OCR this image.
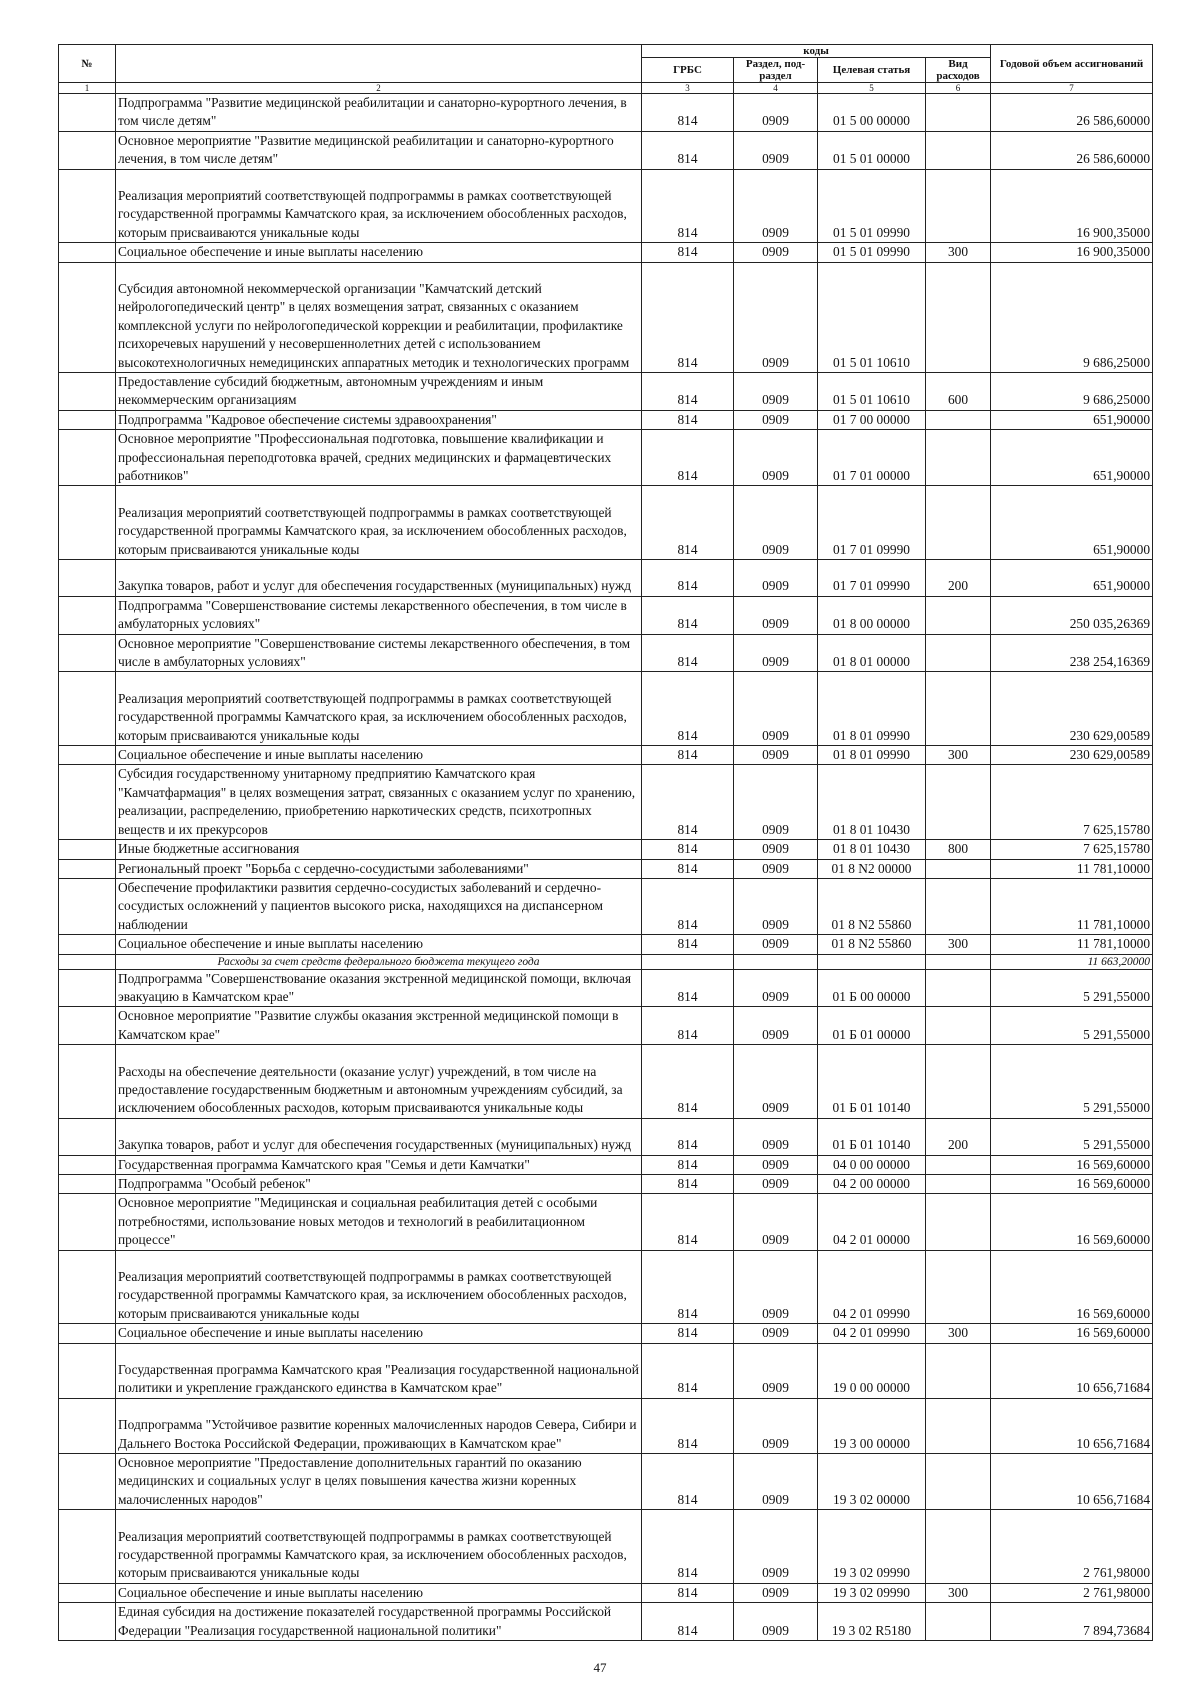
№		коды				Годовой объем ассигнований
		ГРБС	Раздел, под-раздел	Целевая статья	Вид расходов	
1	2	3	4	5	6	7
	Подпрограмма "Развитие медицинской реабилитации и санаторно-курортного лечения, в том числе детям"	814	0909	01 5 00 00000		26 586,60000
	Основное мероприятие "Развитие медицинской реабилитации и санаторно-курортного лечения, в том числе детям"	814	0909	01 5 01 00000		26 586,60000
	Реализация мероприятий соответствующей подпрограммы в рамках соответствующей государственной программы Камчатского края, за исключением обособленных расходов, которым присваиваются уникальные коды	814	0909	01 5 01 09990		16 900,35000
	Социальное обеспечение и иные выплаты населению	814	0909	01 5 01 09990	300	16 900,35000
	Субсидия автономной некоммерческой организации "Камчатский детский нейрологопедический центр" в целях возмещения затрат, связанных с оказанием комплексной услуги по нейрологопедической коррекции и реабилитации, профилактике психоречевых нарушений у несовершеннолетних детей с использованием высокотехнологичных немедицинских аппаратных методик и технологических программ	814	0909	01 5 01 10610		9 686,25000
	Предоставление субсидий бюджетным, автономным учреждениям и иным некоммерческим организациям	814	0909	01 5 01 10610	600	9 686,25000
	Подпрограмма "Кадровое обеспечение системы здравоохранения"	814	0909	01 7 00 00000		651,90000
	Основное мероприятие "Профессиональная подготовка, повышение квалификации и профессиональная переподготовка врачей, средних медицинских и фармацевтических работников"	814	0909	01 7 01 00000		651,90000
	Реализация мероприятий соответствующей подпрограммы в рамках соответствующей государственной программы Камчатского края, за исключением обособленных расходов, которым присваиваются уникальные коды	814	0909	01 7 01 09990		651,90000
	Закупка товаров, работ и услуг для обеспечения государственных (муниципальных) нужд	814	0909	01 7 01 09990	200	651,90000
	Подпрограмма "Совершенствование системы лекарственного обеспечения, в том числе в амбулаторных условиях"	814	0909	01 8 00 00000		250 035,26369
	Основное мероприятие "Совершенствование системы лекарственного обеспечения, в том числе в амбулаторных условиях"	814	0909	01 8 01 00000		238 254,16369
	Реализация мероприятий соответствующей подпрограммы в рамках соответствующей государственной программы Камчатского края, за исключением обособленных расходов, которым присваиваются уникальные коды	814	0909	01 8 01 09990		230 629,00589
	Социальное обеспечение и иные выплаты населению	814	0909	01 8 01 09990	300	230 629,00589
	Субсидия государственному унитарному предприятию Камчатского края "Камчатфармация" в целях возмещения затрат, связанных с оказанием услуг по хранению, реализации, распределению, приобретению наркотических средств, психотропных веществ и их прекурсоров	814	0909	01 8 01 10430		7 625,15780
	Иные бюджетные ассигнования	814	0909	01 8 01 10430	800	7 625,15780
	Региональный проект "Борьба с сердечно-сосудистыми заболеваниями"	814	0909	01 8 N2 00000		11 781,10000
	Обеспечение профилактики развития сердечно-сосудистых заболеваний и сердечно-сосудистых осложнений у пациентов высокого риска, находящихся на диспансерном наблюдении	814	0909	01 8 N2 55860		11 781,10000
	Социальное обеспечение и иные выплаты населению	814	0909	01 8 N2 55860	300	11 781,10000
	Расходы за счет средств федерального бюджета текущего года					11 663,20000
	Подпрограмма "Совершенствование оказания экстренной медицинской помощи, включая эвакуацию в Камчатском крае"	814	0909	01 Б 00 00000		5 291,55000
	Основное мероприятие "Развитие службы оказания экстренной медицинской помощи в Камчатском крае"	814	0909	01 Б 01 00000		5 291,55000
	Расходы на обеспечение деятельности (оказание услуг) учреждений, в том числе на предоставление государственным бюджетным и автономным учреждениям субсидий, за исключением обособленных расходов, которым присваиваются уникальные коды	814	0909	01 Б 01 10140		5 291,55000
	Закупка товаров, работ и услуг для обеспечения государственных (муниципальных) нужд	814	0909	01 Б 01 10140	200	5 291,55000
	Государственная программа Камчатского края "Семья и дети Камчатки"	814	0909	04 0 00 00000		16 569,60000
	Подпрограмма "Особый ребенок"	814	0909	04 2 00 00000		16 569,60000
	Основное мероприятие "Медицинская и социальная реабилитация детей с особыми потребностями, использование новых методов и технологий в реабилитационном процессе"	814	0909	04 2 01 00000		16 569,60000
	Реализация мероприятий соответствующей подпрограммы в рамках соответствующей государственной программы Камчатского края, за исключением обособленных расходов, которым присваиваются уникальные коды	814	0909	04 2 01 09990		16 569,60000
	Социальное обеспечение и иные выплаты населению	814	0909	04 2 01 09990	300	16 569,60000
	Государственная программа Камчатского края "Реализация государственной национальной политики и укрепление гражданского единства в Камчатском крае"	814	0909	19 0 00 00000		10 656,71684
	Подпрограмма "Устойчивое развитие коренных малочисленных народов Севера, Сибири и Дальнего Востока Российской Федерации, проживающих в Камчатском крае"	814	0909	19 3 00 00000		10 656,71684
	Основное мероприятие "Предоставление дополнительных гарантий по оказанию медицинских и социальных услуг в целях повышения качества жизни коренных малочисленных народов"	814	0909	19 3 02 00000		10 656,71684
	Реализация мероприятий соответствующей подпрограммы в рамках соответствующей государственной программы Камчатского края, за исключением обособленных расходов, которым присваиваются уникальные коды	814	0909	19 3 02 09990		2 761,98000
	Социальное обеспечение и иные выплаты населению	814	0909	19 3 02 09990	300	2 761,98000
	Единая субсидия на достижение показателей государственной программы Российской Федерации "Реализация государственной национальной политики"	814	0909	19 3 02 R5180		7 894,73684
47
